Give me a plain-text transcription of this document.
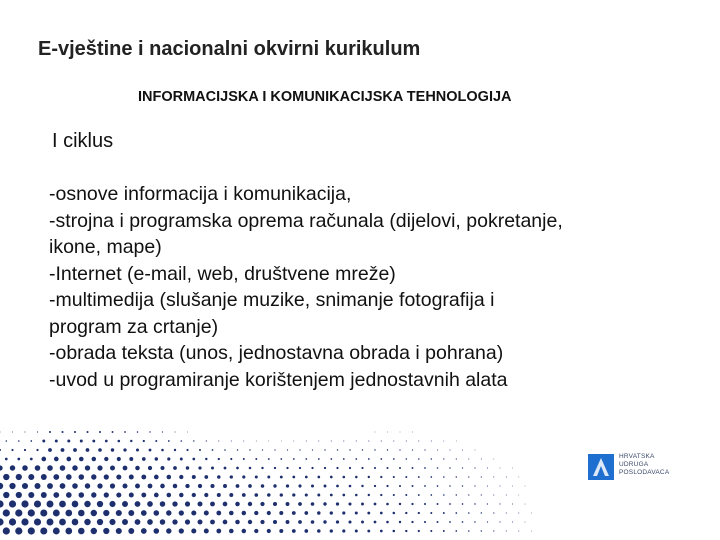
E-vještine i nacionalni okvirni kurikulum
INFORMACIJSKA I KOMUNIKACIJSKA TEHNOLOGIJA
I ciklus
-osnove informacija i komunikacija,
-strojna i programska oprema računala (dijelovi, pokretanje,
ikone, mape)
-Internet (e-mail, web, društvene mreže)
-multimedija (slušanje muzike, snimanje fotografija i
program za crtanje)
-obrada teksta (unos, jednostavna obrada i pohrana)
-uvod u programiranje korištenjem jednostavnih alata
HRVATSKA
UDRUGA
POSLODAVACA
